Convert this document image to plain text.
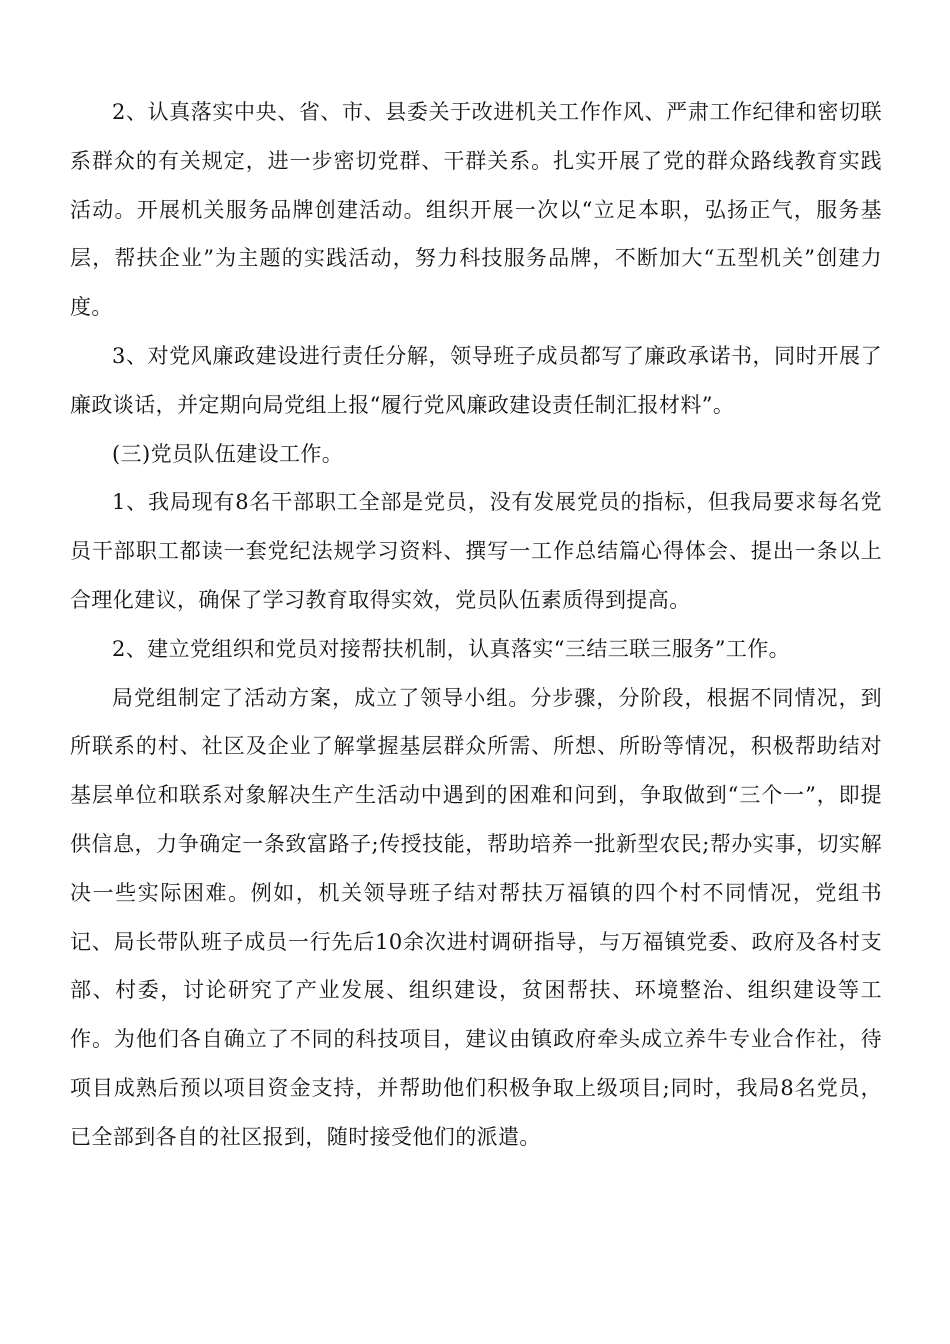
2、认真落实中央、省、市、县委关于改进机关工作作风、严肃工作纪律和密切联系群众的有关规定，进一步密切党群、干群关系。扎实开展了党的群众路线教育实践活动。开展机关服务品牌创建活动。组织开展一次以“立足本职，弘扬正气，服务基层，帮扶企业”为主题的实践活动，努力科技服务品牌，不断加大“五型机关”创建力度。

3、对党风廉政建设进行责任分解，领导班子成员都写了廉政承诺书，同时开展了廉政谈话，并定期向局党组上报“履行党风廉政建设责任制汇报材料”。

(三)党员队伍建设工作。

1、我局现有8名干部职工全部是党员，没有发展党员的指标，但我局要求每名党员干部职工都读一套党纪法规学习资料、撰写一工作总结篇心得体会、提出一条以上合理化建议，确保了学习教育取得实效，党员队伍素质得到提高。

2、建立党组织和党员对接帮扶机制，认真落实“三结三联三服务”工作。

局党组制定了活动方案，成立了领导小组。分步骤，分阶段，根据不同情况，到所联系的村、社区及企业了解掌握基层群众所需、所想、所盼等情况，积极帮助结对基层单位和联系对象解决生产生活动中遇到的困难和问到，争取做到“三个一”，即提供信息，力争确定一条致富路子;传授技能，帮助培养一批新型农民;帮办实事，切实解决一些实际困难。例如，机关领导班子结对帮扶万福镇的四个村不同情况，党组书记、局长带队班子成员一行先后10余次进村调研指导，与万福镇党委、政府及各村支部、村委，讨论研究了产业发展、组织建设，贫困帮扶、环境整治、组织建设等工作。为他们各自确立了不同的科技项目，建议由镇政府牵头成立养牛专业合作社，待项目成熟后预以项目资金支持，并帮助他们积极争取上级项目;同时，我局8名党员，已全部到各自的社区报到，随时接受他们的派遣。
